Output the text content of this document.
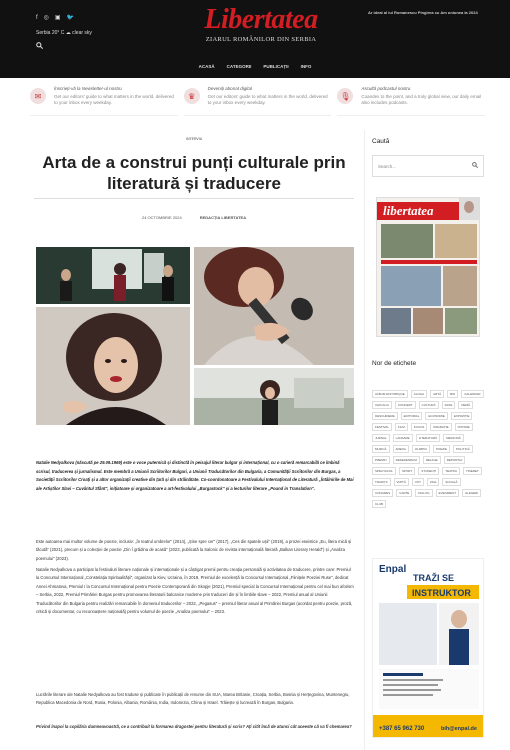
f ◎ ▣ 🐦
Serbia 20° C ☁ clear sky	Libertatea
ZIARUL ROMÂNILOR DIN SERBIA
Ar ideal al lui Romanescu Pingirea cu Am uniunea la 2024
ACASĂ	CATEGORII	PUBLICAȚII	INFO
✉
Înscrieți-vă la Newsletter-ul nostru
Get our editors' guide to what matters in the world, delivered to your inbox every weekday.
♛
Deveniți abonat digital
Get our editors' guide to what matters in the world, delivered to your inbox every weekday.
🎙
Ascultă podcastul nostru
Coandex to the point, and a truly global view, our daily email also includes podcasts.
INTERVIU
Arta de a construi punți culturale prin literatură și traducere
24 OCTOMBRIE 2024	REDACȚIA LIBERTATEA

Natalie Nedyalkova (născută pe 29.09.1969) este o voce puternică și distinctă în peisajul literar bulgar și internațional, cu o carieră remarcabilă ce îmbină scrisul, traducerea și jurnalismul. Este membră a Uniunii Scriitorilor Bulgari, a Uniunii Traducătorilor din Bulgaria, a Comunității Scriitorilor din Burgas, a Societății Scriitorilor Croați și a altor organizații creative din țară și din străinătate. Co-coordonatoare a Festivalului Internațional de Literatură „Întâlnirile de Mai ale Artiștilor Slavi – Cuvântul Sfânt", inițiatoare și organizatoare a art-festivalului „Burgastock" și a lecturilor literare „Pound in Translation".

Este autoarea mai multor volume de poezie, inclusiv: „În teatrul umbrelor" (2014), „Șine spre cer" (2017), „Ces din spatele ușii" (2019), a prozei eseistice „Eu, litera mică și tăcută" (2021), precum și a colecției de poezie „Din î grădina de acasă" (2023, publicată la Salonic de revista internațională literară „Balkan Literary Herald") și „Analiza poemului" (2023).

Natalie Nedyalkova a participat la festivaluri literare naționale și internaționale și a câștigat premii pentru creația personală și activitatea de traducere, printre care: Premiul la Concursul Internațional „Constelația Spiritualității", organizat la Kiev, Ucraina, în 2019, Premiul de excelență la Concursul Internațional „Fiinițele Poeziei Ruse", dedicat Annei Ahmatova, Premiul I la Concursul Internațional pentru Poezie Contemporană din Skopje (2021), Premiul special la Concursul Internațional pentru cel mai bun aforism – Serbia, 2022, Premiul Primăriei Burgas pentru promovarea literaturii balcanice moderne prin traduceri din și în limbile slave – 2022, Premiul anual al Uniunii Traducătorilor din Bulgaria pentru realizări remarcabile în domeniul traducerilor – 2022, „Pegasus" – premiul literar anual al Primăriei Burgas (acordat pentru poezie, proză, critică și documentar, cu recunoaștere națională) pentru volumul de poezie „Analiza poemului" – 2023.

Lucrările literare ale Natalie Nedyalkova au fost traduse și publicate în publicații de renume din SUA, Marea Britanie, Croația, Serbia, Bosnia și Herțegovina, Muntenegru, Republica Macedonia de Nord, Rusia, Polonia, Albania, România, India, Indonezia, China și Israel. Trăiește și lucrează în Burgas, Bulgaria.

Privind înapoi la copilăria dumneavoastră, ce a contribuit la formarea dragostei pentru literatură și scris? Ați citit încă de atunci cât aceeste că va fi chemarea?

Caută
Search...
libertatea
Nor de etichete
ALBUM HISTORIQUE	ALOGA	ARTĂ	BIO	CALENDAR
CHICALIA	CONCERT	CULTURĂ	DATE	DEMĂ
DESCHIDERE	EDITORIAL	ECONOMIE	EXPOZIȚIE
FESTIVAL	FILM	FOCUS	IMIGRAȚIE	ISTORIE
JURNAL	LANSARE	LITERATURĂ	MEDICINĂ
MUZICĂ	ARENA	OLIMPIA	POEZIE	POLITICĂ
PREMIU	REFERENDUM	RELIGIE	REPORTAJ
SPECTACOL	SPORT	STUDENȚI	TEATRU	TINERET
TRADIȚII	VIZITĂ	VOT	ZILE	ȘCOALĂ
CONGRES	CARTE	DIALOG	EVENIMENT	ALEGERI
CLUB
Enpal
TRAŽI SE
INSTRUKTOR
+387 65 962 730	bih@enpal.de
